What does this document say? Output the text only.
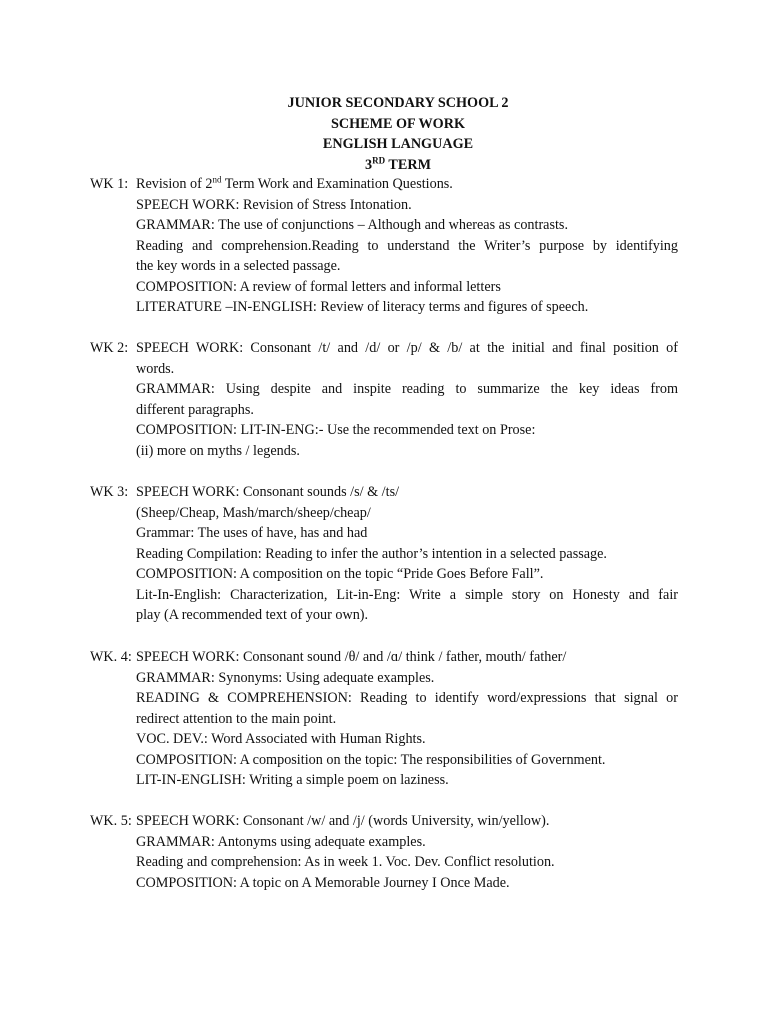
JUNIOR SECONDARY SCHOOL 2
SCHEME OF WORK
ENGLISH LANGUAGE
3RD TERM
WK 1: Revision of 2nd Term Work and Examination Questions.
SPEECH WORK: Revision of Stress Intonation.
GRAMMAR: The use of conjunctions – Although and whereas as contrasts.
Reading and comprehension.Reading to understand the Writer’s purpose by identifying
the key words in a selected passage.
COMPOSITION: A review of formal letters and informal letters
LITERATURE –IN-ENGLISH: Review of literacy terms and figures of speech.
WK 2: SPEECH WORK: Consonant /t/ and /d/ or /p/ & /b/ at the initial and final position of
words.
GRAMMAR: Using despite and inspite reading to summarize the key ideas from
different paragraphs.
COMPOSITION: LIT-IN-ENG:- Use the recommended text on Prose:
(ii) more on myths / legends.
WK 3: SPEECH WORK: Consonant sounds /s/ & /ts/
(Sheep/Cheap, Mash/march/sheep/cheap/
Grammar: The uses of have, has and had
Reading Compilation: Reading to infer the author’s intention in a selected passage.
COMPOSITION: A composition on the topic “Pride Goes Before Fall”.
Lit-In-English: Characterization, Lit-in-Eng: Write a simple story on Honesty and fair
play (A recommended text of your own).
WK. 4: SPEECH WORK: Consonant sound /θ/ and /ɑ/ think / father, mouth/ father/
GRAMMAR: Synonyms: Using adequate examples.
READING & COMPREHENSION: Reading to identify word/expressions that signal or
redirect attention to the main point.
VOC. DEV.: Word Associated with Human Rights.
COMPOSITION: A composition on the topic: The responsibilities of Government.
LIT-IN-ENGLISH: Writing a simple poem on laziness.
WK. 5: SPEECH WORK: Consonant /w/ and /j/ (words University, win/yellow).
GRAMMAR: Antonyms using adequate examples.
Reading and comprehension: As in week 1. Voc. Dev. Conflict resolution.
COMPOSITION: A topic on A Memorable Journey I Once Made.
